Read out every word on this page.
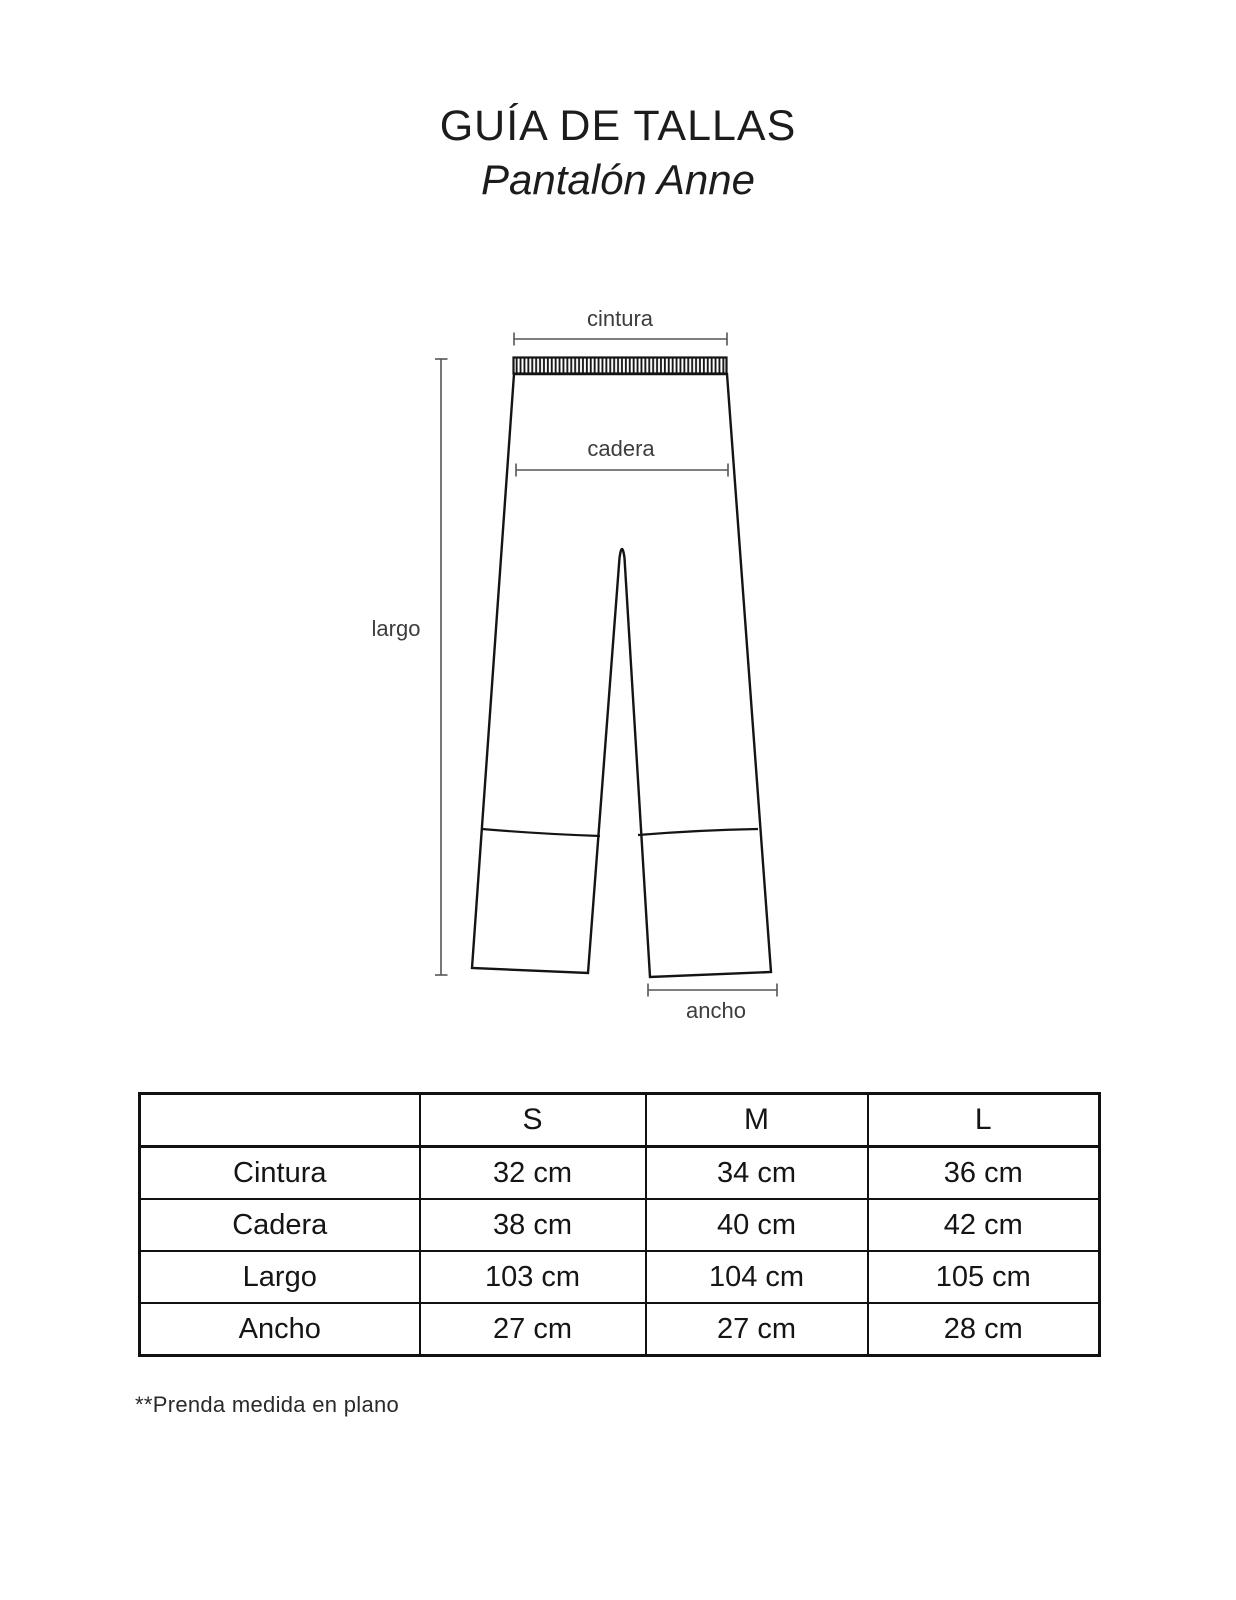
GUÍA DE TALLAS
Pantalón Anne
cintura
cadera
largo
ancho
	S	M	L
Cintura	32 cm	34 cm	36 cm
Cadera	38 cm	40 cm	42 cm
Largo	103 cm	104 cm	105 cm
Ancho	27 cm	27 cm	28 cm

**Prenda medida en plano
